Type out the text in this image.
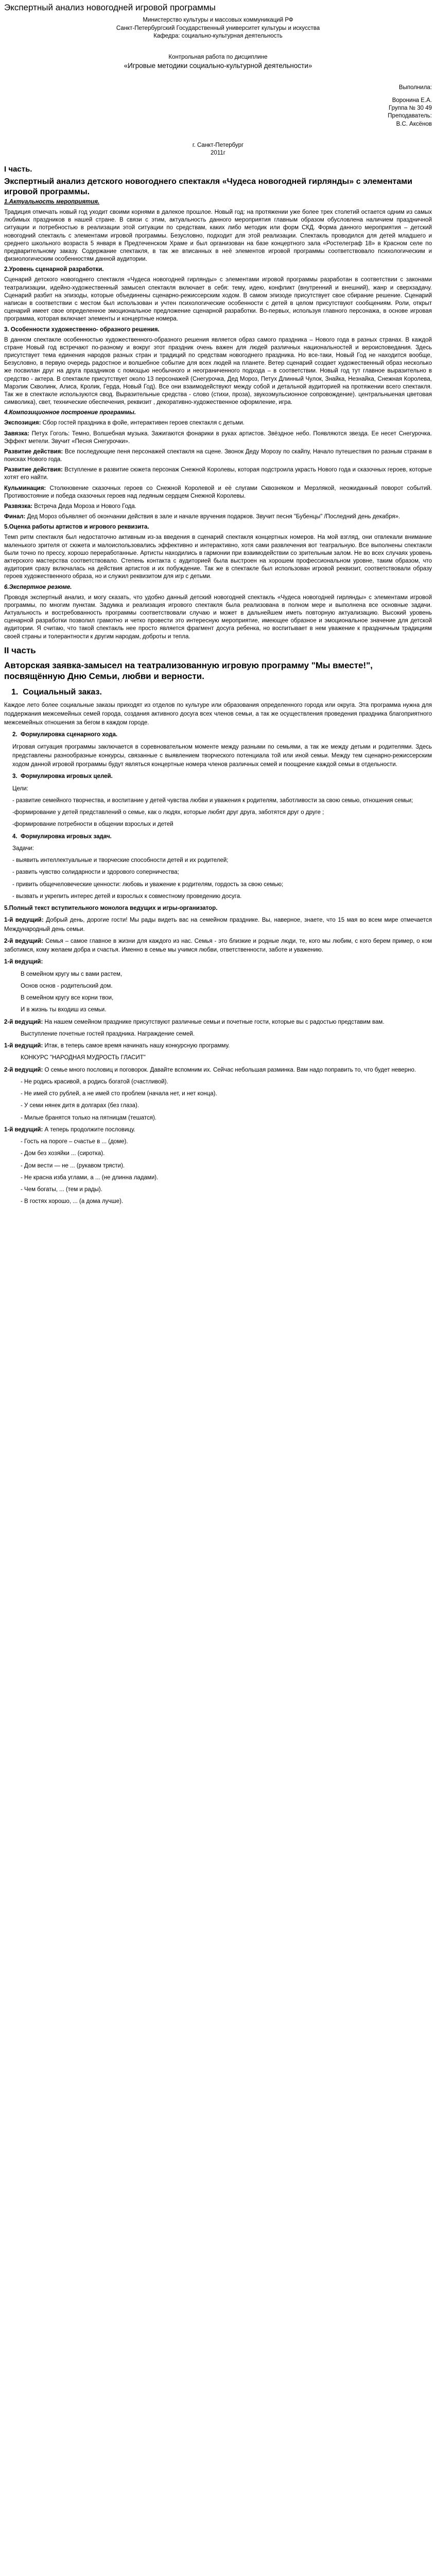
Экспертный анализ новогодней игровой программы
Министерство культуры и массовых коммуникаций РФ
Санкт-Петербургский Государственный университет культуры и искусства
Кафедра: социально-культурная деятельность
Контрольная работа по дисциплине
«Игровые методики социально-культурной деятельности»
Выполнила:
Воронина Е.А.
Группа № 30 49
Преподаватель:
В.С. Аксёнов
г. Санкт-Петербург
2011г
I часть.
Экспертный анализ детского новогоднего спектакля «Чудеса новогодней гирлянды» с элементами игровой программы.

1.Актуальность мероприятия.

Традиция отмечать новый год уходит своими корнями в далекое прошлое. Новый год: на протяжении уже более трех столетий остается одним из самых любимых праздников в нашей стране. В связи с этим, актуальность данного мероприятия главным образом обусловлена наличием праздничной ситуации и потребностью в реализации этой ситуации по средствам, каких либо методик или форм СКД. Форма данного мероприятия – детский новогодний спектакль с элементами игровой программы. Безусловно, подходит для этой реализации. Спектакль проводился для детей младшего и среднего школьного возраста 5 января в Предтеченском Храме и был организован на базе концертного зала «Ростелеграф 18» в Красном селе по предварительному заказу. Содержание спектакля, в так же вписанных в неё элементов игровой программы соответствовало психологическим и физиологическим особенностям данной аудитории.

2.Уровень сценарной разработки.

Сценарий детского новогоднего спектакля «Чудеса новогодней гирлянды» с элементами игровой программы разработан в соответствии с законами театрализации, идейно-художественный замысел спектакля включает в себя: тему, идею, конфликт (внутренний и внешний), жанр и сверхзадачу. Сценарий разбит на эпизоды, которые объединены сценарно-режиссерским ходом. В самом эпизоде присутствует свое сбирание решение. Сценарий написан в соответствии с местом был использован и учтен психологические особенности с детей в целом присутствуют сообщениям. Роли, открыт сценарий имеет свое определенное эмоциональное предложение сценарной разработки. Во-первых, используя главного персонажа, в основе игровая программа, которая включает элементы и концертные номера.

3. Особенности художественно- образного решения.

В данном спектакле особенностью художественного-образного решения является образ самого праздника – Нового года в разных странах. В каждой стране Новый год встречают по-разному и вокруг этот праздник очень важен для людей различных национальностей и вероисповедания. Здесь присутствует тема единения народов разных стран и традиций по средствам новогоднего праздника. Но все-таки, Новый Год не находится вообще, Безусловно, в первую очередь радостное и волшебное событие для всех людей на планете. Ветер сценарий создает художественный образ несколько же посвилан друг на друга праздников с помощью необычного и неограниченного подхода – в соответствии. Новый год тут главное выразительно в средство - актера. В спектакле присутствует около 13 персонажей (Снегурочка, Дед Мороз, Петух Длинный Чулок, Знайка, Незнайка, Снежная Королева, Марэлик Скволинк, Алиса, Кролик, Герда, Новый Год). Все они взаимодействуют между собой и детальной аудиторией на протяжении всего спектакля. Так же в спектакле используются свод. Выразительные средства - слово (стихи, проза), звукоэмульсионное сопровождение). центральныеная цветовая символика), свет, технические обеспечения, реквизит , декоративно-художественное оформление, игра.

4.Композиционное построение программы.

Экспозиция: Сбор гостей праздника в фойе, интерактивен героев спектакля с детьми.

Завязка: Петух Гоголь: Темно, Волшебная музыка. Зажигаются фонарики в руках артистов. Звёздное небо. Появляются звезда. Ее несет Снегурочка. Эффект метели. Звучит «Песня Снегурочки».

Развитие действия: Все последующие пеня персонажей спектакля на сцене. Звонок Деду Морозу по скайпу, Начало путешествия по разным странам в поисках Нового года.

Развитие действия: Вступление в развитие сюжета персонаж Снежной Королевы, которая подстроила украсть Нового года и сказочных героев, которые хотят его найти.

Кульминация: Столкновение сказочных героев со Снежной Королевой и её слугами Сквозняком и Мерзлякой, неожиданный поворот событий. Противостояние и победа сказочных героев над ледяным сердцем Снежной Королевы.

Развязка: Встреча Деда Мороза и Нового Года.

Финал: Дед Мороз объявляет об окончании действия в зале и начале вручения подарков. Звучит песня "Бубенцы" /Последний день декабря».

5.Оценка работы артистов и игрового реквизита.

Темп ритм спектакля был недостаточно активным из-за введения в сценарий спектакля концертных номеров. На мой взгляд, они отвлекали внимание маленького зрителя от сюжета и малоиспользовались эффективно и интерактивно, хотя сами развлечения вот театральную. Все выполнены спектакли были точно по прессу, хорошо переработанные. Артисты находились в гармонии при взаимодействии со зрительным залом. Не во всех случаях уровень актерского мастерства соответствовало. Степень контакта с аудиторией была выстроен на хорошем профессиональном уровне, таким образом, что аудитория сразу включалась на действия артистов и их побуждение. Так же в спектакле был использован игровой реквизит, соответствовали образу героев художественного образа, но и служил реквизитом для игр с детьми.

6.Экспертное резюме.

Проводя экспертный анализ, и могу сказать, что удобно данный детский новогодней спектакль «Чудеса новогодней гирлянды» с элементами игровой программы, по многим пунктам. Задумка и реализация игрового спектакля была реализована в полном мере и выполнена все основные задачи. Актуальность и востребованность программы соответствовали случаю и может в дальнейшем иметь повторную актуализацию. Высокий уровень сценарной разработки позволил грамотно и четко провести это интересную мероприятие, имеющее образное и эмоциональное значение для детской аудитории. Я считаю, что такой спектакль нее просто является фрагмент досуга ребенка, но воспитывает в нем уважение к праздничным традициям своей страны и толерантности к другим народам, доброты и тепла.

II часть
Авторская заявка-замысел на театрализованную игровую программу "Мы вместе!", посвящённую Дню Семьи, любви и верности.
1.  Социальный заказ.

Каждое лето более социальные заказы приходят из отделов по культуре или образования определенного города или округа. Эта программа нужна для поддержания межсемейных семей города, создания активного досуга всех членов семьи, а так же осуществления проведения праздника благоприятного межсемейных отношения за бегом в каждом городе.

2.  Формулировка сценарного хода.

Игровая ситуация программы заключается в соревновательном моменте между разными по семьями, а так же между детьми и родителями. Здесь представлены разнообразные конкурсы, связанные с выявлением творческого потенциала той или иной семьи. Между тем сценарно-режиссерским ходом данной игровой программы будут являться концертные номера членов различных семей и поощрение каждой семьи в отдельности.

3.  Формулировка игровых целей.

Цели:

- развитие семейного творчества, и воспитание у детей чувства любви и уважения к родителям, заботливости за свою семью, отношения семьи;

-формирование у детей представлений о семье, как о людях, которые любят друг друга, заботятся друг о друге ;

-формирование потребности в общении взрослых и детей

4.  Формулировка игровых задач.

Задачи:

- выявить интеллектуальные и творческие способности детей и их родителей;

- развить чувство солидарности и здорового соперничества;

- привить общечеловеческие ценности: любовь и уважение к родителям, гордость за свою семью;

- вызвать и укрепить интерес детей и взрослых к совместному проведению досуга.

5.Полный текст вступительного монолога ведущих и игры-организатор.

1-й ведущий: Добрый день, дорогие гости! Мы рады видеть вас на семейном празднике. Вы, наверное, знаете, что 15 мая во всем мире отмечается Международный день семьи.

2-й ведущий: Семья – самое главное в жизни для каждого из нас. Семья - это близкие и родные люди, те, кого мы любим, с кого берем пример, о ком заботимся, кому желаем добра и счастья. Именно в семье мы учимся любви, ответственности, заботе и уважению.

1-й ведущий:

В семейном кругу мы с вами растем,

Основ основ - родительский дом.

В семейном кругу все корни твои,

И в жизнь ты входиш из семьи.

2-й ведущий: На нашем семейном празднике присутствуют различные семьи и почетные гости, которые вы с радостью представим вам.

Выступление почетные гостей праздника. Награждение семей.

1-й ведущий: Итак, в теперь самое время начинать нашу конкурсную программу.

КОНКУРС "НАРОДНАЯ МУДРОСТЬ ГЛАСИТ"

2-й ведущий: О семье много пословиц и поговорок. Давайте вспомним их. Сейчас небольшая разминка. Вам надо поправить то, что будет неверно.

- Не родись красивой, а родись богатой (счастливой).

- Не имей сто рублей, а не имей сто проблем (начала нет, и нет конца).

- У семи нянек дитя в долгарах (без глаза).

- Милые бранятся только на пятницам (тешатся).

1-й ведущий: А теперь продолжите пословицу.

- Гость на пороге – счастье в ... (доме).

- Дом без хозяйки ... (сиротка).

- Дом вести — не ... (рукавом трясти).

- Не красна изба углами, а ... (не длинна ладами).

- Чем богаты, ... (тем и рады).

- В гостях хорошо, ... (а дома лучше).
